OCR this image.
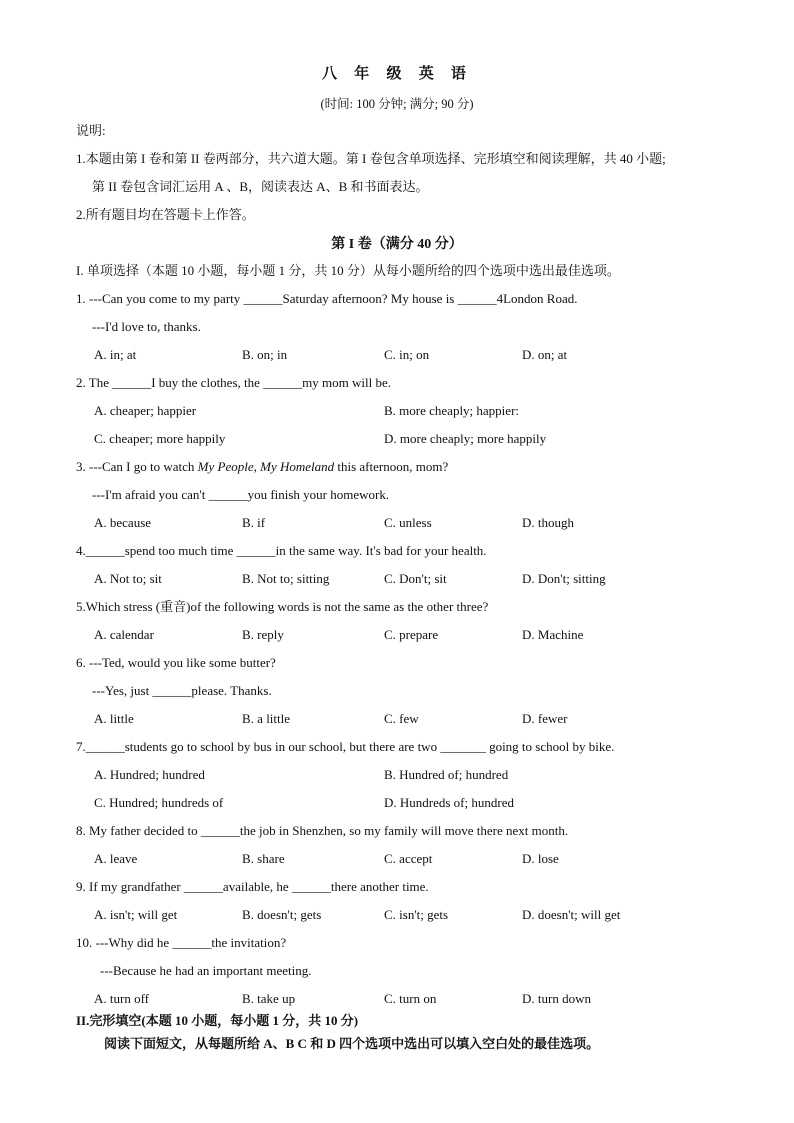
八 年 级 英 语
(时间: 100 分钟; 满分; 90 分)
说明:
1.本题由第 I 卷和第 II 卷两部分，共六道大题。第 I 卷包含单项选择、完形填空和阅读理解，共 40 小题;
第 II 卷包含词汇运用 A 、B，阅读表达 A、B 和书面表达。
2.所有题目均在答题卡上作答。
第 I 卷（满分 40 分）
I. 单项选择（本题 10 小题，每小题 1 分，共 10 分）从每小题所给的四个选项中选出最佳选项。
1. ---Can you come to my party ______Saturday afternoon? My house is ______4London Road.
---I'd love to, thanks.
A. in; at	B. on; in	C. in; on	D. on; at
2. The ______I buy the clothes, the ______my mom will be.
A. cheaper; happier	B. more cheaply; happier:
C. cheaper; more happily	D. more cheaply; more happily
3. ---Can I go to watch My People, My Homeland this afternoon, mom?
---I'm afraid you can't ______you finish your homework.
A. because	B. if	C. unless	D. though
4.______spend too much time ______in the same way. It's bad for your health.
A. Not to; sit	B. Not to; sitting	C. Don't; sit	D. Don't; sitting
5.Which stress (重音)of the following words is not the same as the other three?
A. calendar	B. reply	C. prepare	D. Machine
6. ---Ted, would you like some butter?
---Yes, just ______please. Thanks.
A. little	B. a little	C. few	D. fewer
7.______students go to school by bus in our school, but there are two _______ going to school by bike.
A. Hundred; hundred	B. Hundred of; hundred
C. Hundred; hundreds of	D. Hundreds of; hundred
8. My father decided to ______the job in Shenzhen, so my family will move there next month.
A. leave	B. share	C. accept	D. lose
9. If my grandfather ______available, he ______there another time.
A. isn't; will get	B. doesn't; gets	C. isn't; gets	D. doesn't; will get
10. ---Why did he ______the invitation?
---Because he had an important meeting.
A. turn off	B. take up	C. turn on	D. turn down
II.完形填空(本题 10 小题，每小题 1 分，共 10 分)
阅读下面短文，从每题所给 A、B C 和 D 四个选项中选出可以填入空白处的最佳选项。
